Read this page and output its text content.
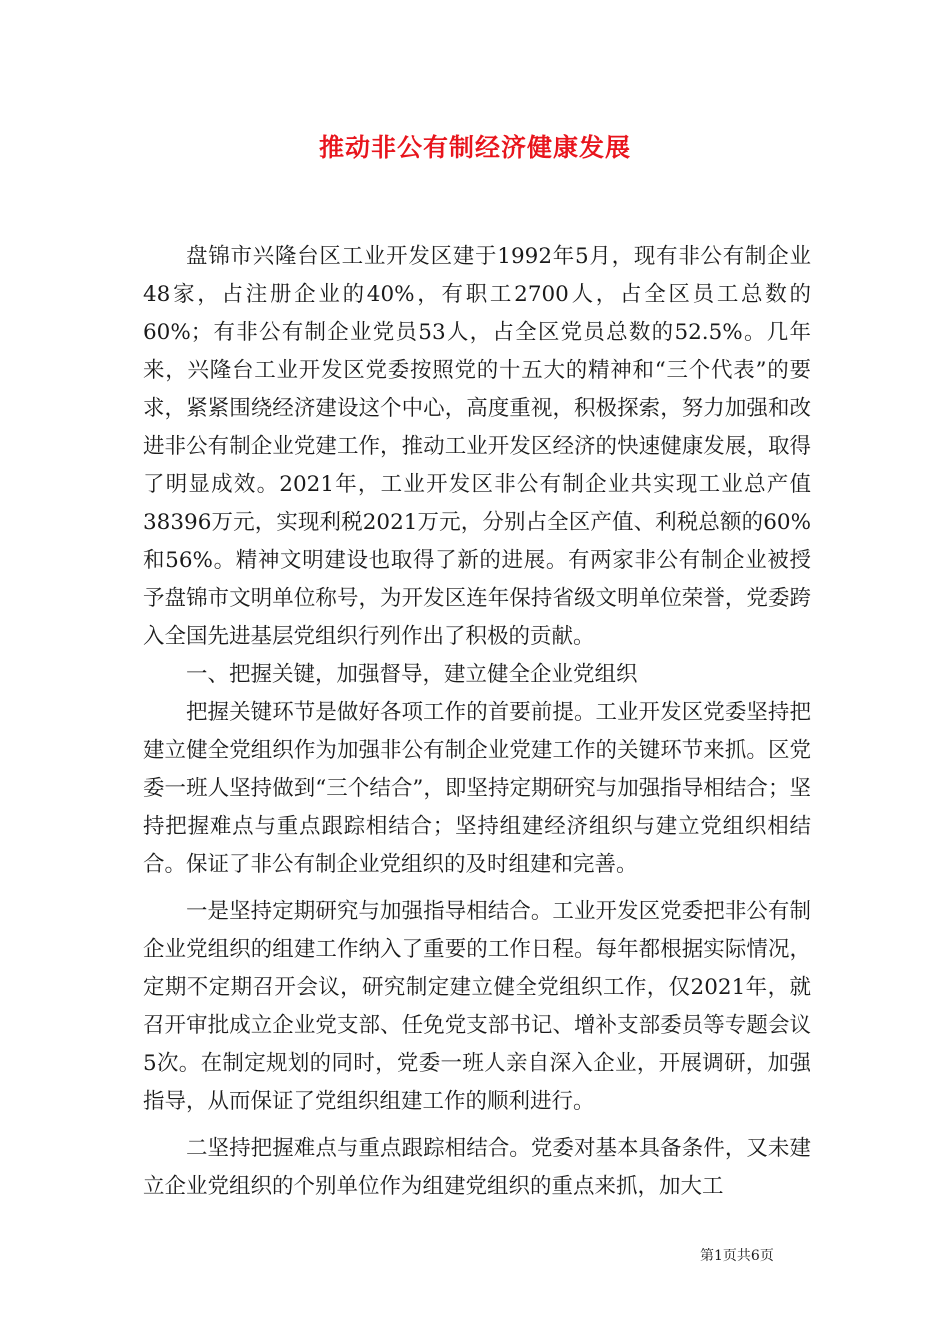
推动非公有制经济健康发展

盘锦市兴隆台区工业开发区建于1992年5月，现有非公有制企业48家，占注册企业的40%，有职工2700人，占全区员工总数的60%；有非公有制企业党员53人，占全区党员总数的52.5%。几年来，兴隆台工业开发区党委按照党的十五大的精神和“三个代表”的要求，紧紧围绕经济建设这个中心，高度重视，积极探索，努力加强和改进非公有制企业党建工作，推动工业开发区经济的快速健康发展，取得了明显成效。2021年，工业开发区非公有制企业共实现工业总产值38396万元，实现利税2021万元，分别占全区产值、利税总额的60%和56%。精神文明建设也取得了新的进展。有两家非公有制企业被授予盘锦市文明单位称号，为开发区连年保持省级文明单位荣誉，党委跨入全国先进基层党组织行列作出了积极的贡献。

一、把握关键，加强督导，建立健全企业党组织

把握关键环节是做好各项工作的首要前提。工业开发区党委坚持把建立健全党组织作为加强非公有制企业党建工作的关键环节来抓。区党委一班人坚持做到“三个结合”，即坚持定期研究与加强指导相结合；坚持把握难点与重点跟踪相结合；坚持组建经济组织与建立党组织相结合。保证了非公有制企业党组织的及时组建和完善。

一是坚持定期研究与加强指导相结合。工业开发区党委把非公有制企业党组织的组建工作纳入了重要的工作日程。每年都根据实际情况，定期不定期召开会议，研究制定建立健全党组织工作，仅2021年，就召开审批成立企业党支部、任免党支部书记、增补支部委员等专题会议5次。在制定规划的同时，党委一班人亲自深入企业，开展调研，加强指导，从而保证了党组织组建工作的顺利进行。

二坚持把握难点与重点跟踪相结合。党委对基本具备条件，又未建立企业党组织的个别单位作为组建党组织的重点来抓，加大工

第1页共6页
